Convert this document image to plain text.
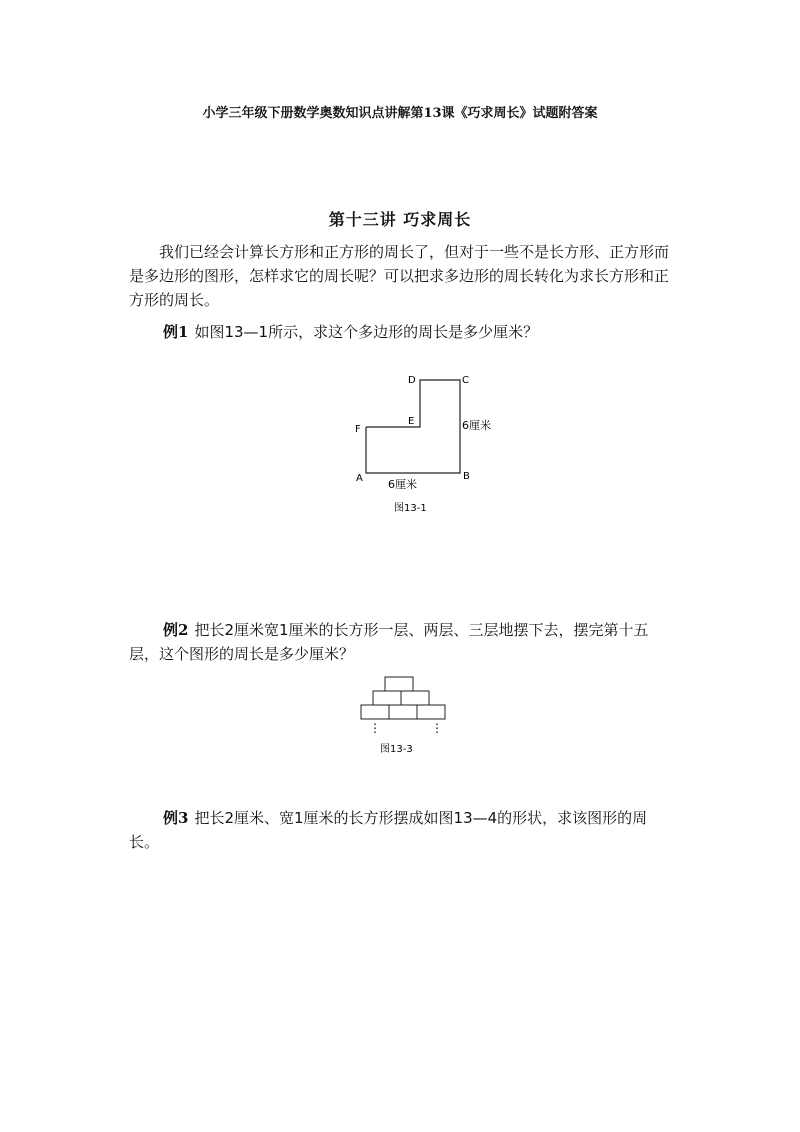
小学三年级下册数学奥数知识点讲解第13课《巧求周长》试题附答案
第十三讲 巧求周长
我们已经会计算长方形和正方形的周长了，但对于一些不是长方形、正方形而是多边形的图形，怎样求它的周长呢？可以把求多边形的周长转化为求长方形和正方形的周长。
例1 如图13—1所示，求这个多边形的周长是多少厘米？
D	C
E
F
A	B
6厘米
6厘米
图13-1
例2 把长2厘米宽1厘米的长方形一层、两层、三层地摆下去，摆完第十五层，这个图形的周长是多少厘米？
⋮	⋮
图13-3
例3 把长2厘米、宽1厘米的长方形摆成如图13—4的形状，求该图形的周长。
